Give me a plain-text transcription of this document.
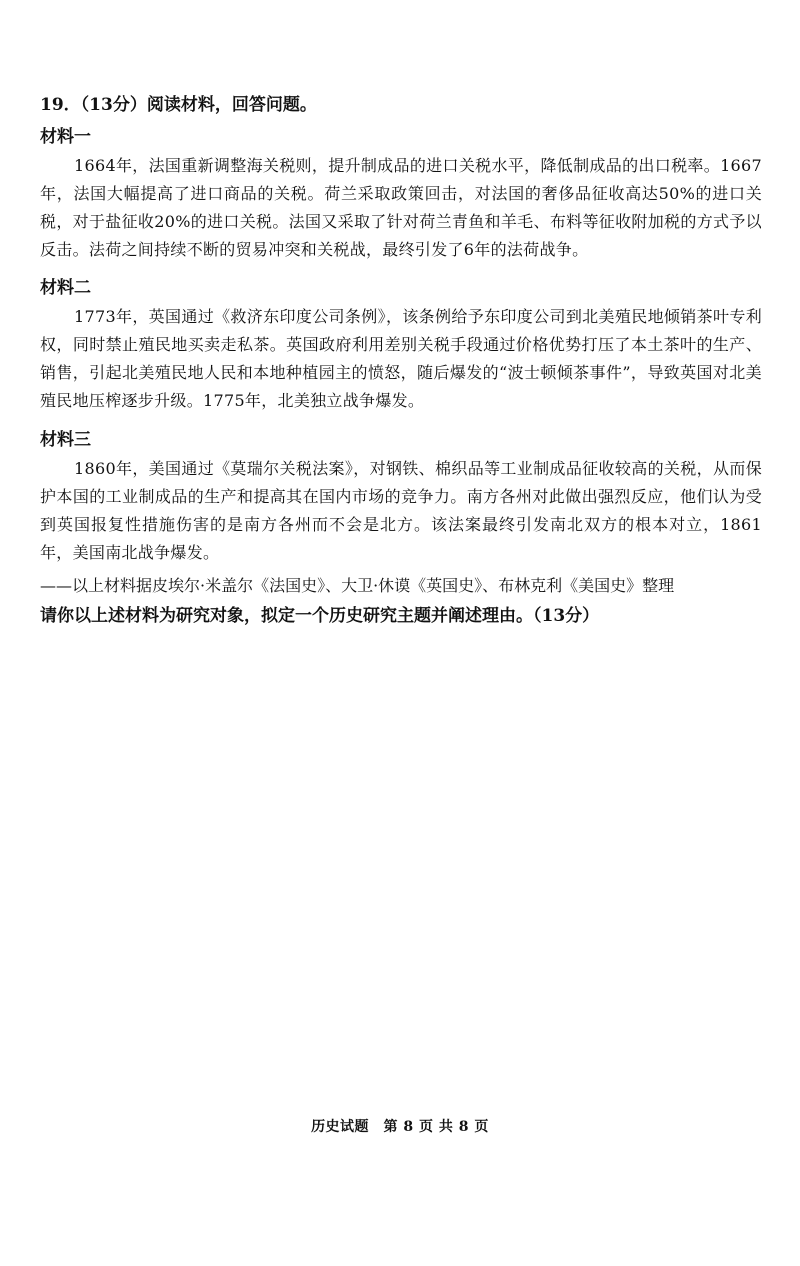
19．（13分）阅读材料，回答问题。
材料一

1664年，法国重新调整海关税则，提升制成品的进口关税水平，降低制成品的出口税率。1667年，法国大幅提高了进口商品的关税。荷兰采取政策回击，对法国的奢侈品征收高达50%的进口关税，对于盐征收20%的进口关税。法国又采取了针对荷兰青鱼和羊毛、布料等征收附加税的方式予以反击。法荷之间持续不断的贸易冲突和关税战，最终引发了6年的法荷战争。

材料二

1773年，英国通过《救济东印度公司条例》，该条例给予东印度公司到北美殖民地倾销茶叶专利权，同时禁止殖民地买卖走私茶。英国政府利用差别关税手段通过价格优势打压了本土茶叶的生产、销售，引起北美殖民地人民和本地种植园主的愤怒，随后爆发的“波士顿倾茶事件”，导致英国对北美殖民地压榨逐步升级。1775年，北美独立战争爆发。

材料三

1860年，美国通过《莫瑞尔关税法案》，对钢铁、棉织品等工业制成品征收较高的关税，从而保护本国的工业制成品的生产和提高其在国内市场的竞争力。南方各州对此做出强烈反应，他们认为受到英国报复性措施伤害的是南方各州而不会是北方。该法案最终引发南北双方的根本对立，1861年，美国南北战争爆发。

——以上材料据皮埃尔·米盖尔《法国史》、大卫·休谟《英国史》、布林克利《美国史》整理
请你以上述材料为研究对象，拟定一个历史研究主题并阐述理由。（13分）
历史试题　第 8 页 共 8 页
